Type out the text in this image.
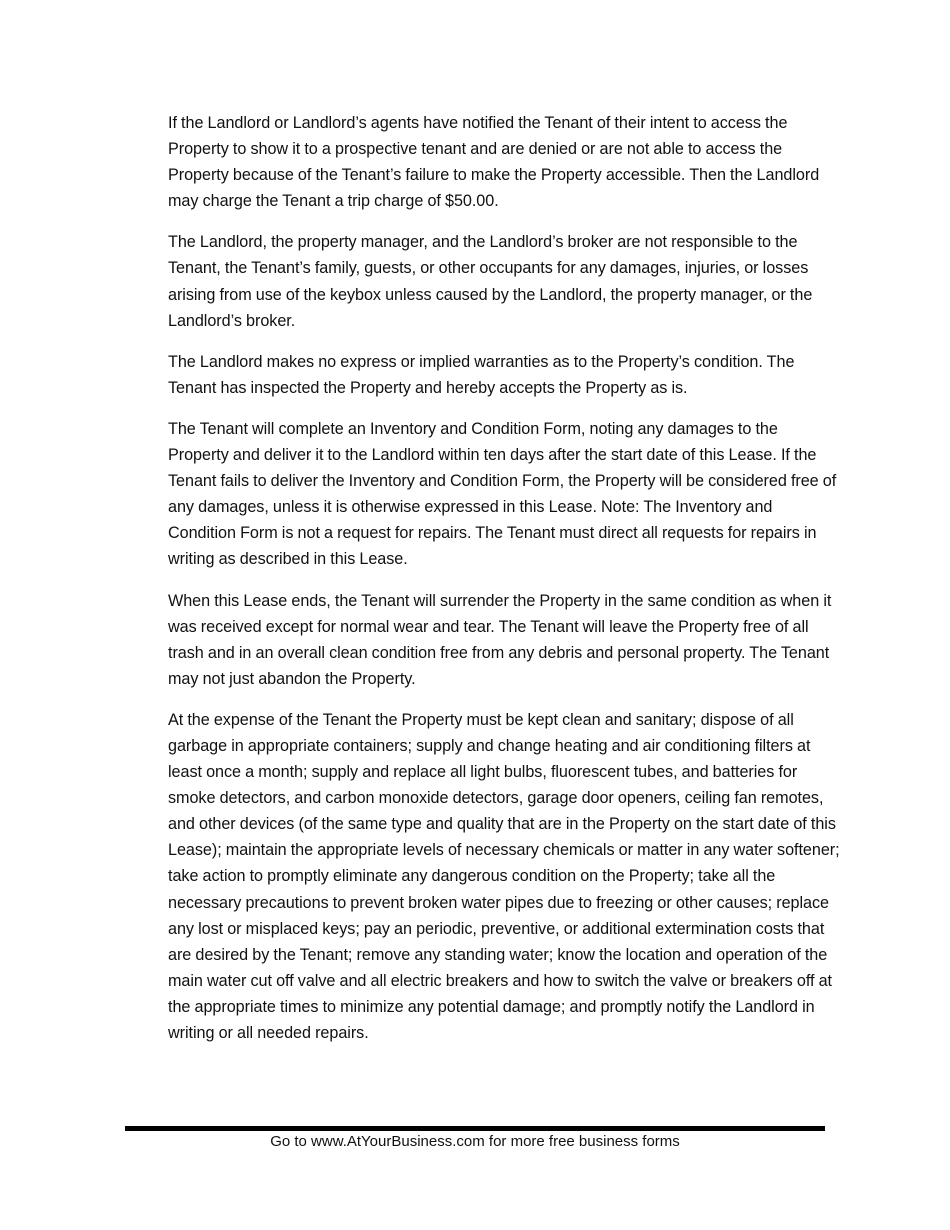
If the Landlord or Landlord’s agents have notified the Tenant of their intent to access the Property to show it to a prospective tenant and are denied or are not able to access the Property because of the Tenant’s failure to make the Property accessible. Then the Landlord may charge the Tenant a trip charge of $50.00.

The Landlord, the property manager, and the Landlord’s broker are not responsible to the Tenant, the Tenant’s family, guests, or other occupants for any damages, injuries, or losses arising from use of the keybox unless caused by the Landlord, the property manager, or the Landlord’s broker.

The Landlord makes no express or implied warranties as to the Property’s condition. The Tenant has inspected the Property and hereby accepts the Property as is.

The Tenant will complete an Inventory and Condition Form, noting any damages to the Property and deliver it to the Landlord within ten days after the start date of this Lease. If the Tenant fails to deliver the Inventory and Condition Form, the Property will be considered free of any damages, unless it is otherwise expressed in this Lease. Note: The Inventory and Condition Form is not a request for repairs. The Tenant must direct all requests for repairs in writing as described in this Lease.

When this Lease ends, the Tenant will surrender the Property in the same condition as when it was received except for normal wear and tear. The Tenant will leave the Property free of all trash and in an overall clean condition free from any debris and personal property. The Tenant may not just abandon the Property.

At the expense of the Tenant the Property must be kept clean and sanitary; dispose of all garbage in appropriate containers; supply and change heating and air conditioning filters at least once a month; supply and replace all light bulbs, fluorescent tubes, and batteries for smoke detectors, and carbon monoxide detectors, garage door openers, ceiling fan remotes, and other devices (of the same type and quality that are in the Property on the start date of this Lease); maintain the appropriate levels of necessary chemicals or matter in any water softener; take action to promptly eliminate any dangerous condition on the Property; take all the necessary precautions to prevent broken water pipes due to freezing or other causes; replace any lost or misplaced keys; pay an periodic, preventive, or additional extermination costs that are desired by the Tenant; remove any standing water; know the location and operation of the main water cut off valve and all electric breakers and how to switch the valve or breakers off at the appropriate times to minimize any potential damage; and promptly notify the Landlord in writing or all needed repairs.

Go to www.AtYourBusiness.com for more free business forms
